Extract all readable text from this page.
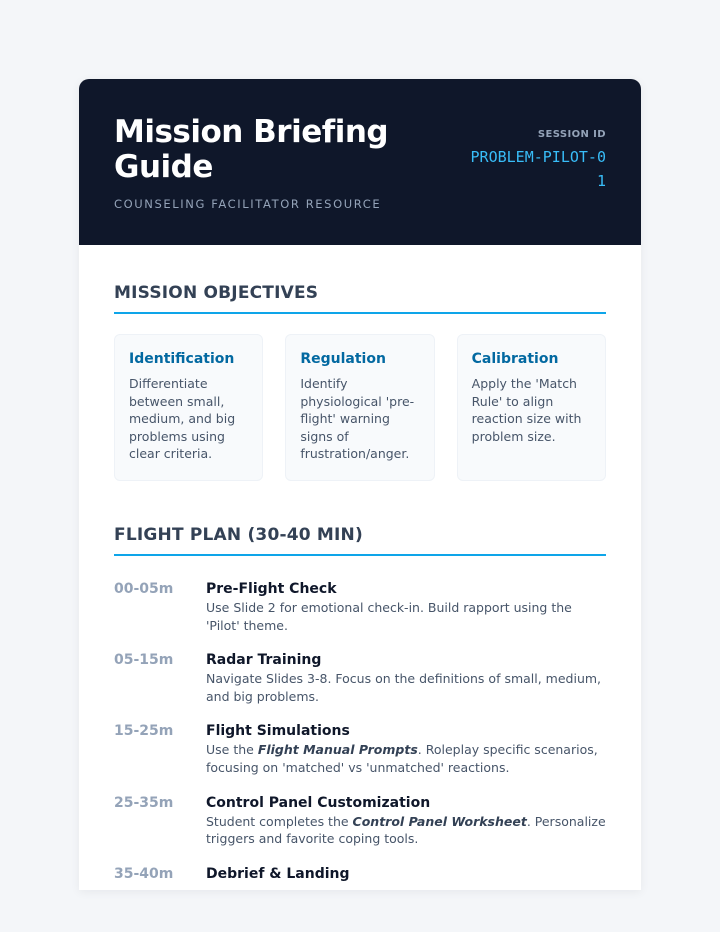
Mission Briefing Guide
COUNSELING FACILITATOR RESOURCE
SESSION ID
PROBLEM-PILOT-01
MISSION OBJECTIVES
Identification
Differentiate between small, medium, and big problems using clear criteria.
Regulation
Identify physiological 'pre-flight' warning signs of frustration/anger.
Calibration
Apply the 'Match Rule' to align reaction size with problem size.
FLIGHT PLAN (30-40 MIN)
00-05m	Pre-Flight Check
Use Slide 2 for emotional check-in. Build rapport using the 'Pilot' theme.
05-15m	Radar Training
Navigate Slides 3-8. Focus on the definitions of small, medium, and big problems.
15-25m	Flight Simulations
Use the Flight Manual Prompts. Roleplay specific scenarios, focusing on 'matched' vs 'unmatched' reactions.
25-35m	Control Panel Customization
Student completes the Control Panel Worksheet. Personalize triggers and favorite coping tools.
35-40m	Debrief & Landing
